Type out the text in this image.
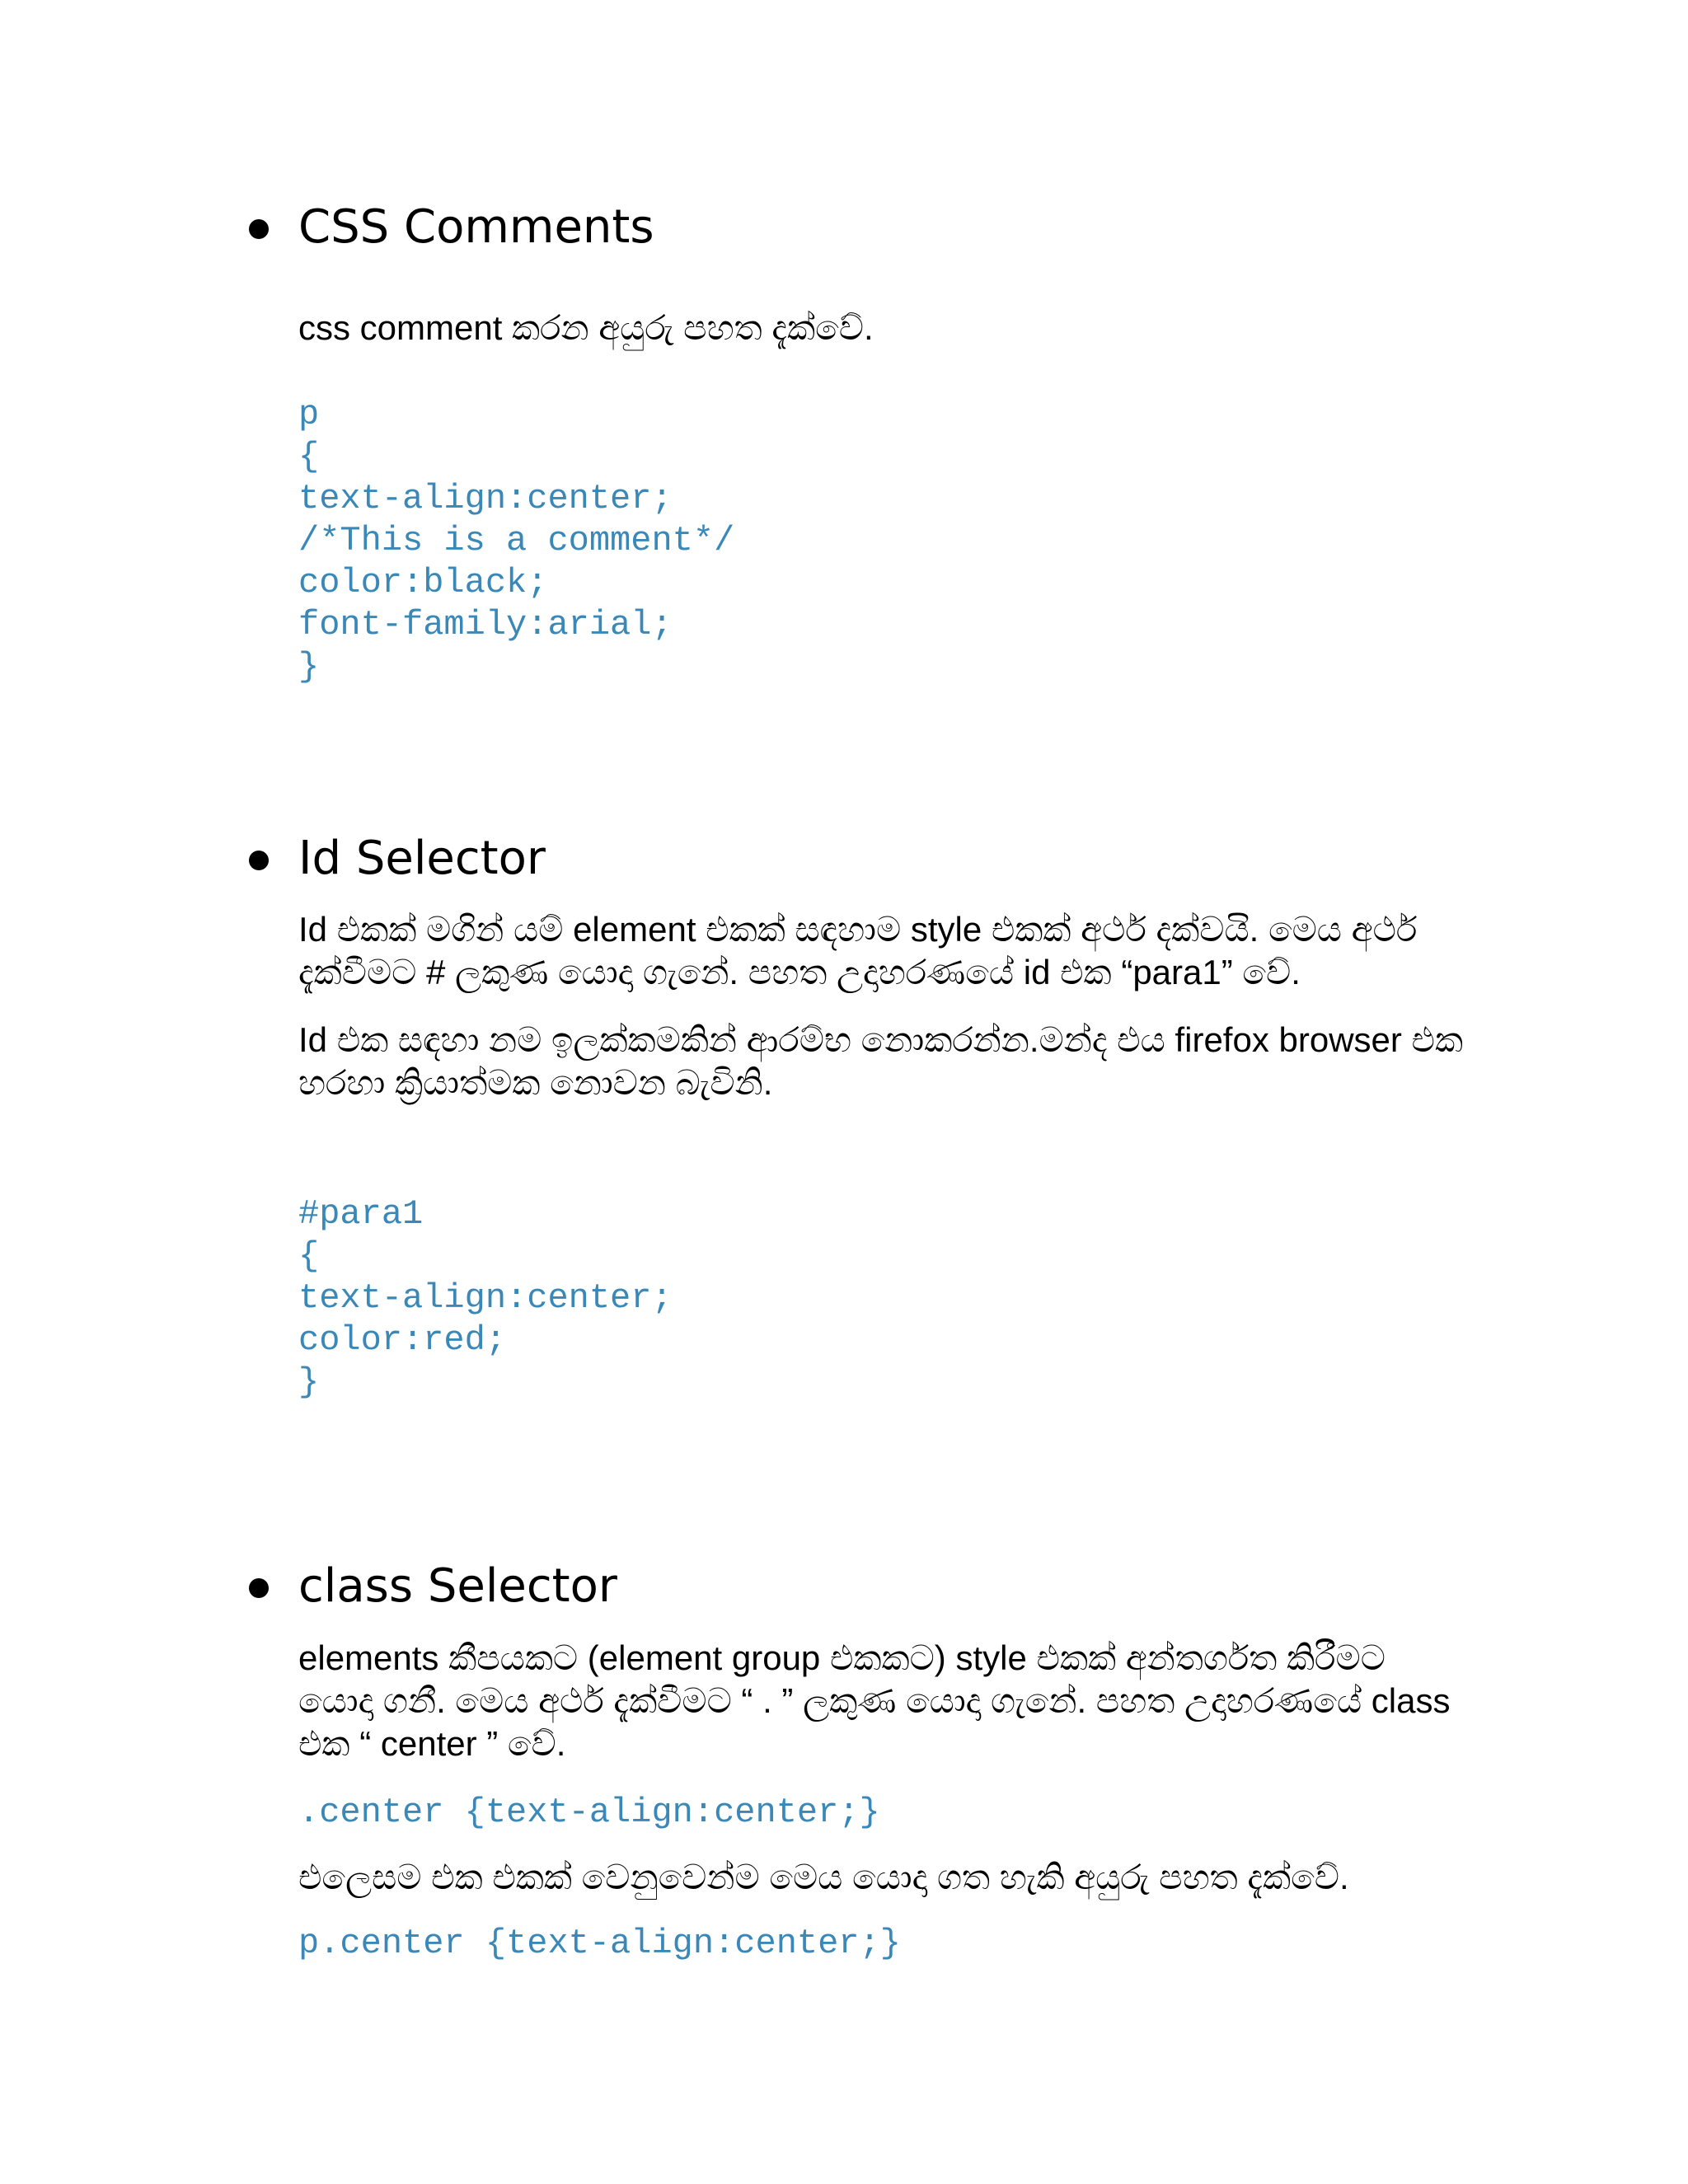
CSS Comments
css comment කරන අයුරු පහත දැක්වේ.
p
{
text-align:center;
/*This is a comment*/
color:black;
font-family:arial;
}
Id Selector
Id එකක් මගින් යම් element එකක් සඳහාම style එකක් අර්ථ දක්වයි. මෙය අර්ථ දැක්වීමට # ලකුණ යොදා ගැනේ. පහත උදාහරණයේ id එක “para1” වේ.
Id එක සඳහා නම ඉලක්කමකින් ආරම්භ නොකරන්න.මන්ද එය firefox browser එක හරහා ක්‍රියාත්මක නොවන බැවිනි.
#para1
{
text-align:center;
color:red;
}
class Selector
elements කීපයකට (element group එකකට) style එකක් අන්තර්ගත කිරීමට යොදා ගනී. මෙය අර්ථ දැක්වීමට “ . ” ලකුණ යොදා ගැනේ. පහත උදාහරණයේ class එක “ center ” වේ.
.center {text-align:center;}
එලෙසම එක එකක් වෙනුවෙන්ම මෙය යොදා ගත හැකි අයුරු පහත දැක්වේ.
p.center {text-align:center;}
